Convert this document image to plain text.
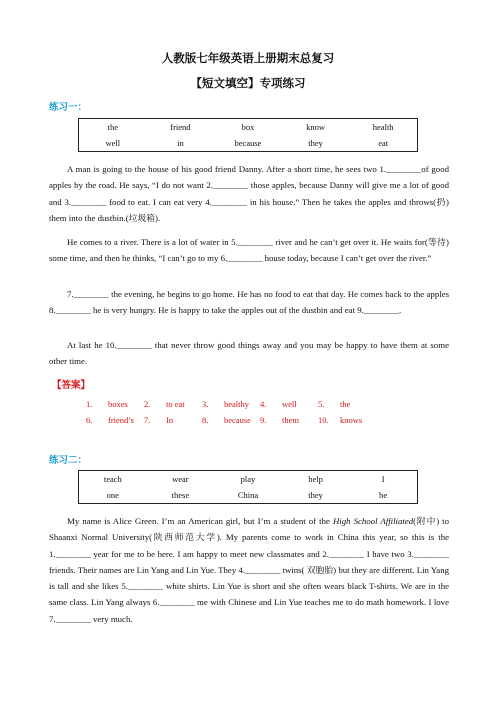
人教版七年级英语上册期末总复习
【短文填空】专项练习
练习一：
the	friend	box	know	health
well	in	because	they	eat

A man is going to the house of his good friend Danny. After a short time, he sees two 1.________of good apples by the road. He says, “I do not want 2.________ those apples, because Danny will give me a lot of good and 3.________ food to eat. I can eat very 4.________ in his house.” Then he takes the apples and throws(扔) them into the dustbin.(垃圾箱).

He comes to a river. There is a lot of water in 5.________ river and he can’t get over it. He waits for(等待) some time, and then he thinks, “I can’t go to my 6.________ house today, because I can’t get over the river.”

7.________ the evening, he begins to go home. He has no food to eat that day. He comes back to the apples 8.________ he is very hungry. He is happy to take the apples out of the dustbin and eat 9.________.

At last he 10.________ that never throw good things away and you may be happy to have them at some other time.

【答案】
1.	boxes	2.	to eat	3.	healthy	4.	well	5.	the
6.	friend’s	7.	In	8.	because	9.	them	10.	knows
练习二：
teach	wear	play	help	I
one	these	China	they	be

My name is Alice Green. I’m an American girl, but I’m a student of the High School Affiliated(附中) to Shaanxi Normal University(陕西师范大学). My parents come to work in China this year, so this is the 1.________ year for me to be here. I am happy to meet new classmates and 2.________ I have two 3.________ friends. Their names are Lin Yang and Lin Yue. They 4.________ twins( 双胞胎) but they are different. Lin Yang is tall and she likes 5.________ white shirts. Lin Yue is short and she often wears black T-shirts. We are in the same class. Lin Yang always 6.________ me with Chinese and Lin Yue teaches me to do math homework. I love 7.________ very much.
